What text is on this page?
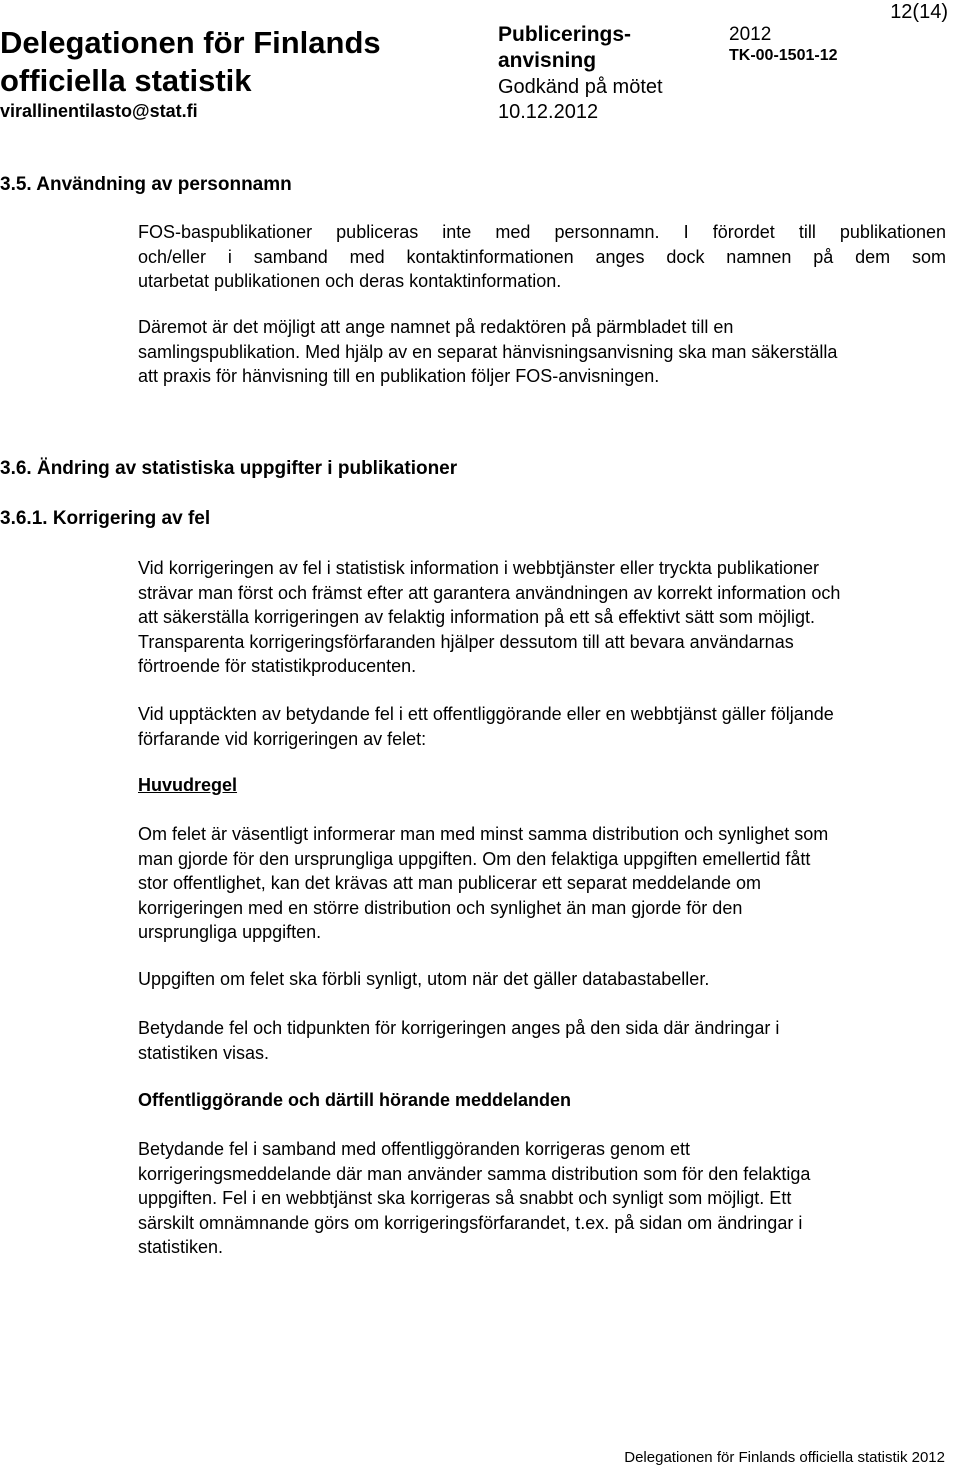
Delegationen för Finlands
officiella statistik
virallinentilasto@stat.fi
Publicerings-
anvisning
Godkänd på mötet
10.12.2012
2012
TK-00-1501-12
12(14)
3.5. Användning av personnamn
FOS-baspublikationer publiceras inte med personnamn. I förordet till publikationen
och/eller i samband med kontaktinformationen anges dock namnen på dem som
utarbetat publikationen och deras kontaktinformation.
Däremot är det möjligt att ange namnet på redaktören på pärmbladet till en
samlingspublikation. Med hjälp av en separat hänvisningsanvisning ska man säkerställa
att praxis för hänvisning till en publikation följer FOS-anvisningen.
3.6. Ändring av statistiska uppgifter i publikationer
3.6.1. Korrigering av fel
Vid korrigeringen av fel i statistisk information i webbtjänster eller tryckta publikationer
strävar man först och främst efter att garantera användningen av korrekt information och
att säkerställa korrigeringen av felaktig information på ett så effektivt sätt som möjligt.
Transparenta korrigeringsförfaranden hjälper dessutom till att bevara användarnas
förtroende för statistikproducenten.
Vid upptäckten av betydande fel i ett offentliggörande eller en webbtjänst gäller följande
förfarande vid korrigeringen av felet:
Huvudregel
Om felet är väsentligt informerar man med minst samma distribution och synlighet som
man gjorde för den ursprungliga uppgiften. Om den felaktiga uppgiften emellertid fått
stor offentlighet, kan det krävas att man publicerar ett separat meddelande om
korrigeringen med en större distribution och synlighet än man gjorde för den
ursprungliga uppgiften.
Uppgiften om felet ska förbli synligt, utom när det gäller databastabeller.
Betydande fel och tidpunkten för korrigeringen anges på den sida där ändringar i
statistiken visas.
Offentliggörande och därtill hörande meddelanden
Betydande fel i samband med offentliggöranden korrigeras genom ett
korrigeringsmeddelande där man använder samma distribution som för den felaktiga
uppgiften. Fel i en webbtjänst ska korrigeras så snabbt och synligt som möjligt. Ett
särskilt omnämnande görs om korrigeringsförfarandet, t.ex. på sidan om ändringar i
statistiken.
Delegationen för Finlands officiella statistik 2012
